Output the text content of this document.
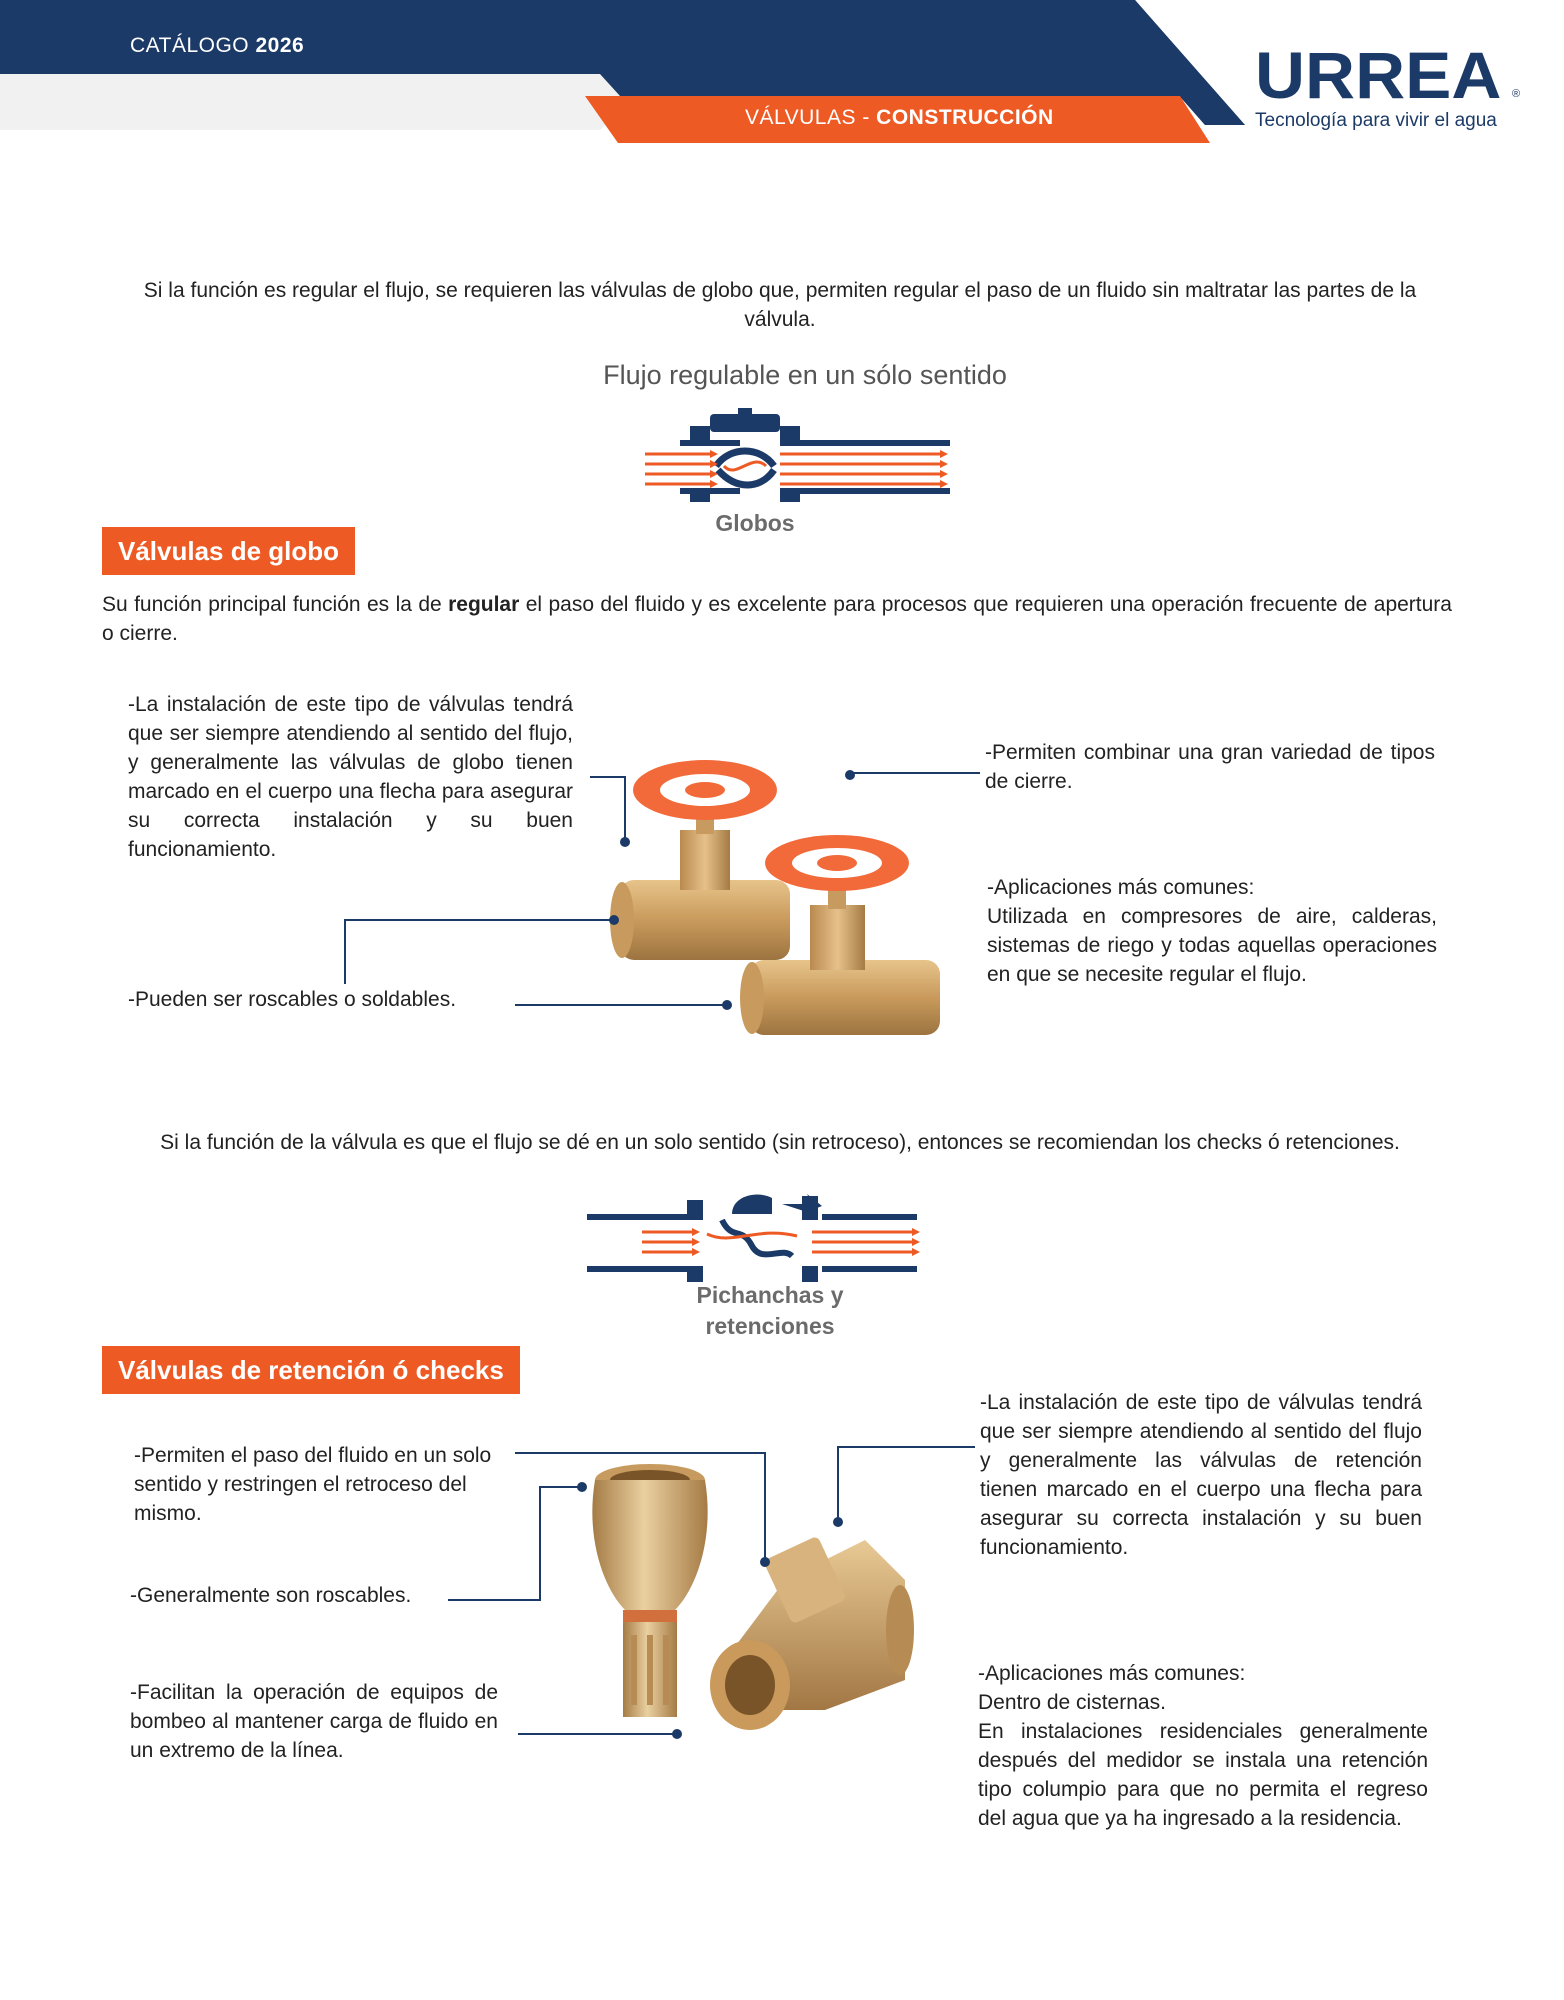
CATÁLOGO 2026
VÁLVULAS - CONSTRUCCIÓN
URREA ®
Tecnología para vivir el agua
Si la función es regular el flujo, se requieren las válvulas de globo que, permiten regular el paso de un fluido sin maltratar las partes de la válvula.
Flujo regulable en un sólo sentido
Globos
Válvulas de globo
Su función principal función es la de regular el paso del fluido y es excelente para procesos que requieren una operación frecuente de apertura o cierre.
-La instalación de este tipo de válvulas tendrá que ser siempre atendiendo al sentido del flujo, y generalmente las válvulas de globo tienen marcado en el cuerpo una flecha para asegurar su correcta instalación y su buen funcionamiento.
-Pueden ser roscables o soldables.
-Permiten combinar una gran variedad de tipos de cierre.
-Aplicaciones más comunes:
Utilizada en compresores de aire, calderas, sistemas de riego y todas aquellas operaciones en que se necesite regular el flujo.
Si la función de la válvula es que el flujo se dé en un solo sentido (sin retroceso), entonces se recomiendan los checks ó retenciones.
Pichanchas y
retenciones
Válvulas de retención ó checks
-Permiten el paso del fluido en un solo sentido y restringen el retroceso del mismo.
-Generalmente son roscables.
-Facilitan la operación de equipos de bombeo al mantener carga de fluido en un extremo de la línea.
-La instalación de este tipo de válvulas tendrá que ser siempre atendiendo al sentido del flujo y generalmente las válvulas de retención tienen marcado en el cuerpo una flecha para asegurar su correcta instalación y su buen funcionamiento.
-Aplicaciones más comunes:
Dentro de cisternas.
En instalaciones residenciales generalmente después del medidor se instala una retención tipo columpio para que no permita el regreso del agua que ya ha ingresado a la residencia.
